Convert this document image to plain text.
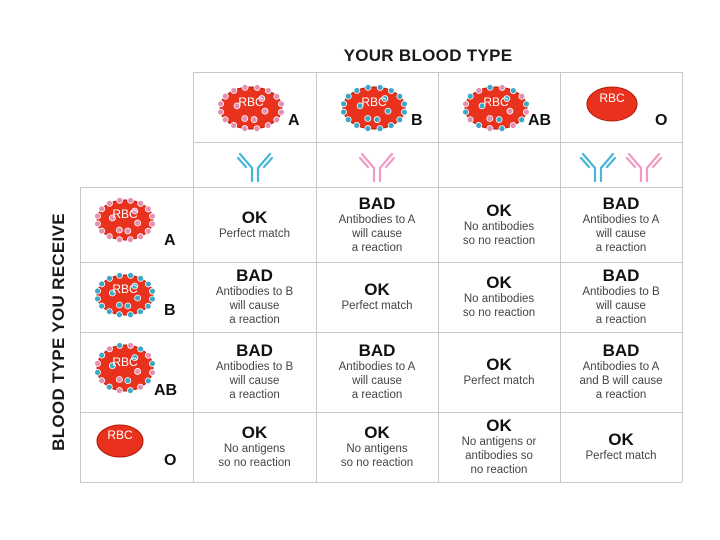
YOUR BLOOD TYPE
BLOOD TYPE YOU RECEIVE
RBC
A
RBC
B
RBC
AB
RBC
O
RBC
A
RBC
B
RBC
AB
RBC
O
OK
Perfect match
BAD
Antibodies to A
will cause
a reaction
OK
No antibodies
so no reaction
BAD
Antibodies to A
will cause
a reaction
BAD
Antibodies to B
will cause
a reaction
OK
Perfect match
OK
No antibodies
so no reaction
BAD
Antibodies to B
will cause
a reaction
BAD
Antibodies to B
will cause
a reaction
BAD
Antibodies to A
will cause
a reaction
OK
Perfect match
BAD
Antibodies to A
and B will cause
a reaction
OK
No antigens
so no reaction
OK
No antigens
so no reaction
OK
No antigens or
antibodies so
no reaction
OK
Perfect match
